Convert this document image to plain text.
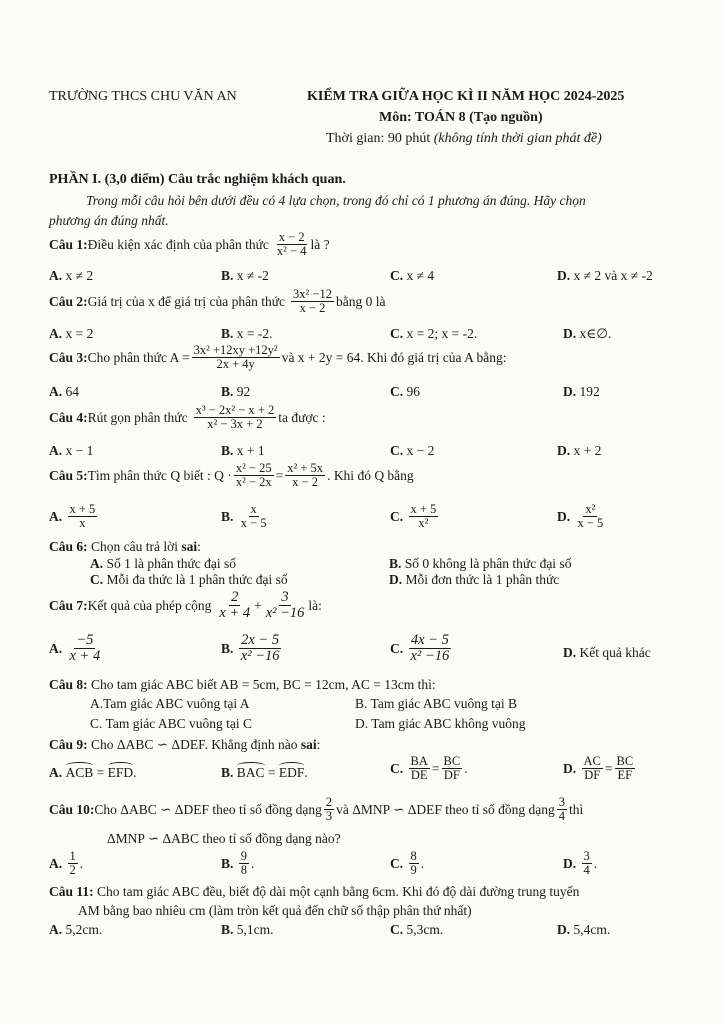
TRƯỜNG THCS CHU VĂN AN	KIỂM TRA GIỮA HỌC KÌ II NĂM HỌC 2024-2025
Môn: TOÁN 8 (Tạo nguồn)
Thời gian: 90 phút (không tính thời gian phát đề)
PHẦN I. (3,0 điểm) Câu trắc nghiệm khách quan.
Trong mỗi câu hỏi bên dưới đều có 4 lựa chọn, trong đó chỉ có 1 phương án đúng. Hãy chọn
phương án đúng nhất.
Câu 1: Điều kiện xác định của phân thức $\frac{x - 2}{\text{x² − 4}}$ là ?
A. x ≠ 2	B. x ≠ -2	C. x ≠ 4	D. x ≠ 2 và x ≠ -2
Câu 2: Giá trị của x để giá trị của phân thức $\frac{\text{3x² −12}}{x - 2}$ bằng 0 là
A. x = 2	B. x = -2.	C. x = 2; x = -2.	D. x∈∅.
Câu 3: Cho phân thức $A = \frac{\text{3x² +12xy +12y²}}{2x + 4y}$ và x + 2y = 64. Khi đó giá trị của A bằng:
A. 64	B. 92	C. 96	D. 192
Câu 4: Rút gọn phân thức $\frac{\text{x³ − 2x² − x + 2}}{\text{x² − 3x + 2}}$ ta được :
A. x − 1	B. x + 1	C. x − 2	D. x + 2
Câu 5: Tìm phân thức Q biết : $Q \cdot \frac{\text{x² − 25}}{\text{x² − 2x}} = \frac{\text{x² + 5x}}{x - 2}$ . Khi đó Q bằng
A.
$\frac{x + 5}{x}$	B.
$\frac{x}{x - 5}$	C.
$\frac{x + 5}{\text{x²}}$	D.
$\frac{\text{x²}}{x - 5}$
Câu 6: Chọn câu trả lời sai:
A. Số 1 là phân thức đại số	B. Số 0 không là phân thức đại số
C. Mỗi đa thức là 1 phân thức đại số	D. Mỗi đơn thức là 1 phân thức
Câu 7: Kết quả của phép cộng $\frac{2}{x + 4} + \frac{3}{\text{x² −16}}$ là:
A.
$\frac{-5}{x + 4}$	B.
$\frac{2x - 5}{\text{x² −16}}$	C.
$\frac{4x - 5}{\text{x² −16}}$	D. Kết quả khác
Câu 8: Cho tam giác ABC biết AB = 5cm, BC = 12cm, AC = 13cm thì:
A.Tam giác ABC vuông tại A	B. Tam giác ABC vuông tại B
C. Tam giác ABC vuông tại C	D. Tam giác ABC không vuông
Câu 9: Cho ΔABC ∽ ΔDEF. Khẳng định nào sai:
A. ACB = EFD.	B. BAC = EDF.	C.
$\frac{BA}{DE} = \frac{BC}{DF}$ .	D.
$\frac{AC}{DF} = \frac{BC}{EF}$
Câu 10: Cho ΔABC ∽ ΔDEF theo tỉ số đồng dạng $\frac{2}{3}$ và ΔMNP ∽ ΔDEF theo tỉ số đồng dạng $\frac{3}{4}$ thì
ΔMNP ∽ ΔABC theo tỉ số đồng dạng nào?
A.
$\frac{1}{2}$ .	B.
$\frac{9}{8}$ .	C.
$\frac{8}{9}$ .	D.
$\frac{3}{4}$ .
Câu 11: Cho tam giác ABC đều, biết độ dài một cạnh bằng 6cm. Khi đó độ dài đường trung tuyến
AM bằng bao nhiêu cm (làm tròn kết quả đến chữ số thập phân thứ nhất)
A. 5,2cm.	B. 5,1cm.	C. 5,3cm.	D. 5,4cm.
